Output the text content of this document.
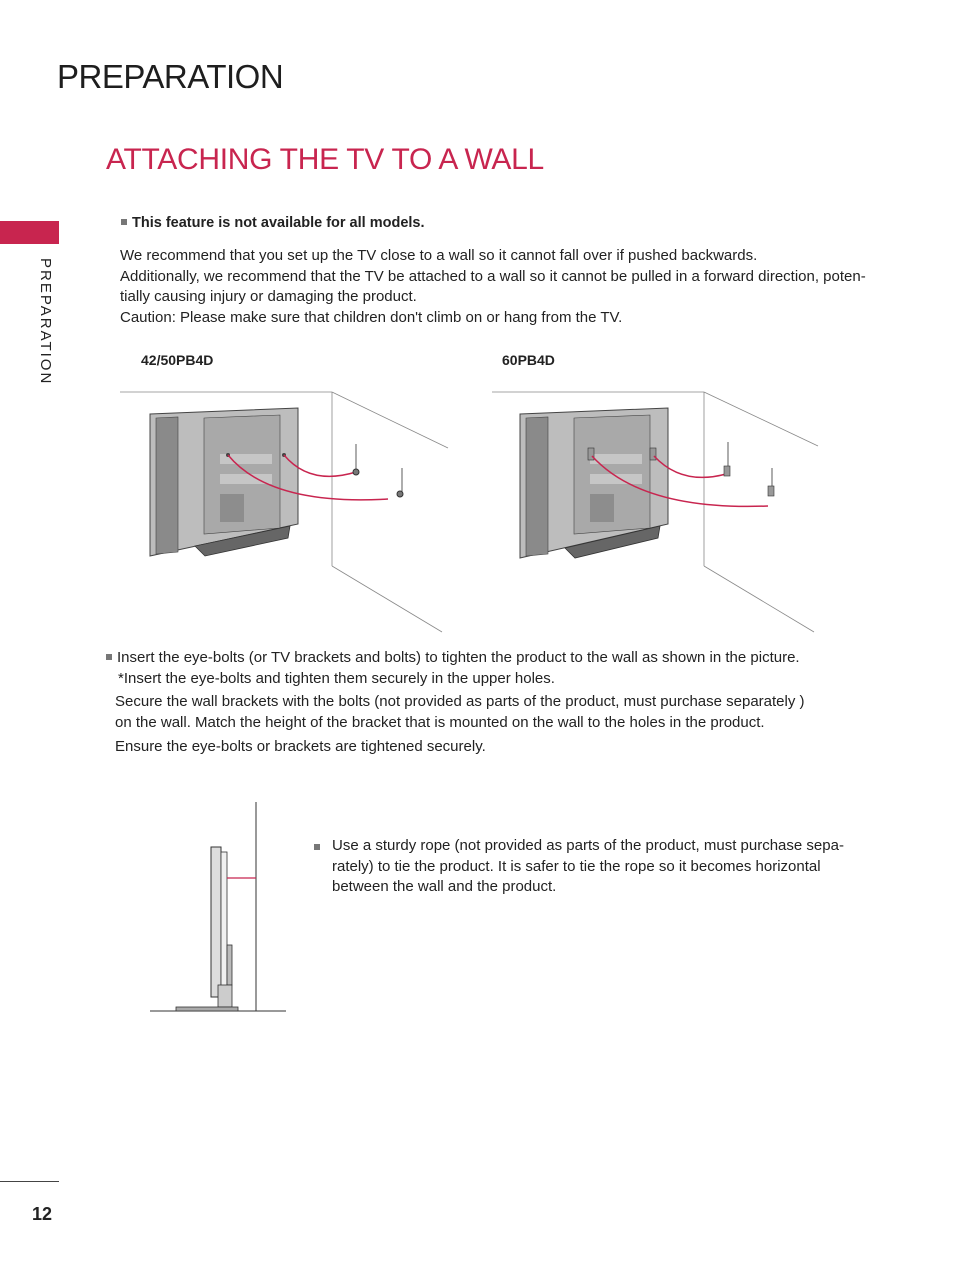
PREPARATION
ATTACHING THE TV TO A WALL
PREPARATION
This feature is not available for all models.

We recommend that you set up the TV close to a wall so it cannot fall over if pushed backwards.

Additionally, we recommend that the TV be attached to a wall so it cannot be pulled in a forward direction, poten-

tially causing injury or damaging the product.

Caution: Please make sure that children don't climb on or hang from the TV.

42/50PB4D	60PB4D

Insert the eye-bolts (or TV brackets and bolts) to tighten the product to the wall as shown in the picture.

*Insert the eye-bolts and tighten them securely in the upper holes.

Secure the wall brackets with the bolts (not provided as parts of the product, must purchase separately )

on the wall. Match the height of the bracket that is mounted on the wall to the holes in the product.

Ensure the eye-bolts or brackets are tightened securely.

Use a sturdy rope (not provided as parts of the product, must purchase sepa-
rately) to tie the product. It is safer to tie the rope so it becomes horizontal
between the wall and the product.
12
